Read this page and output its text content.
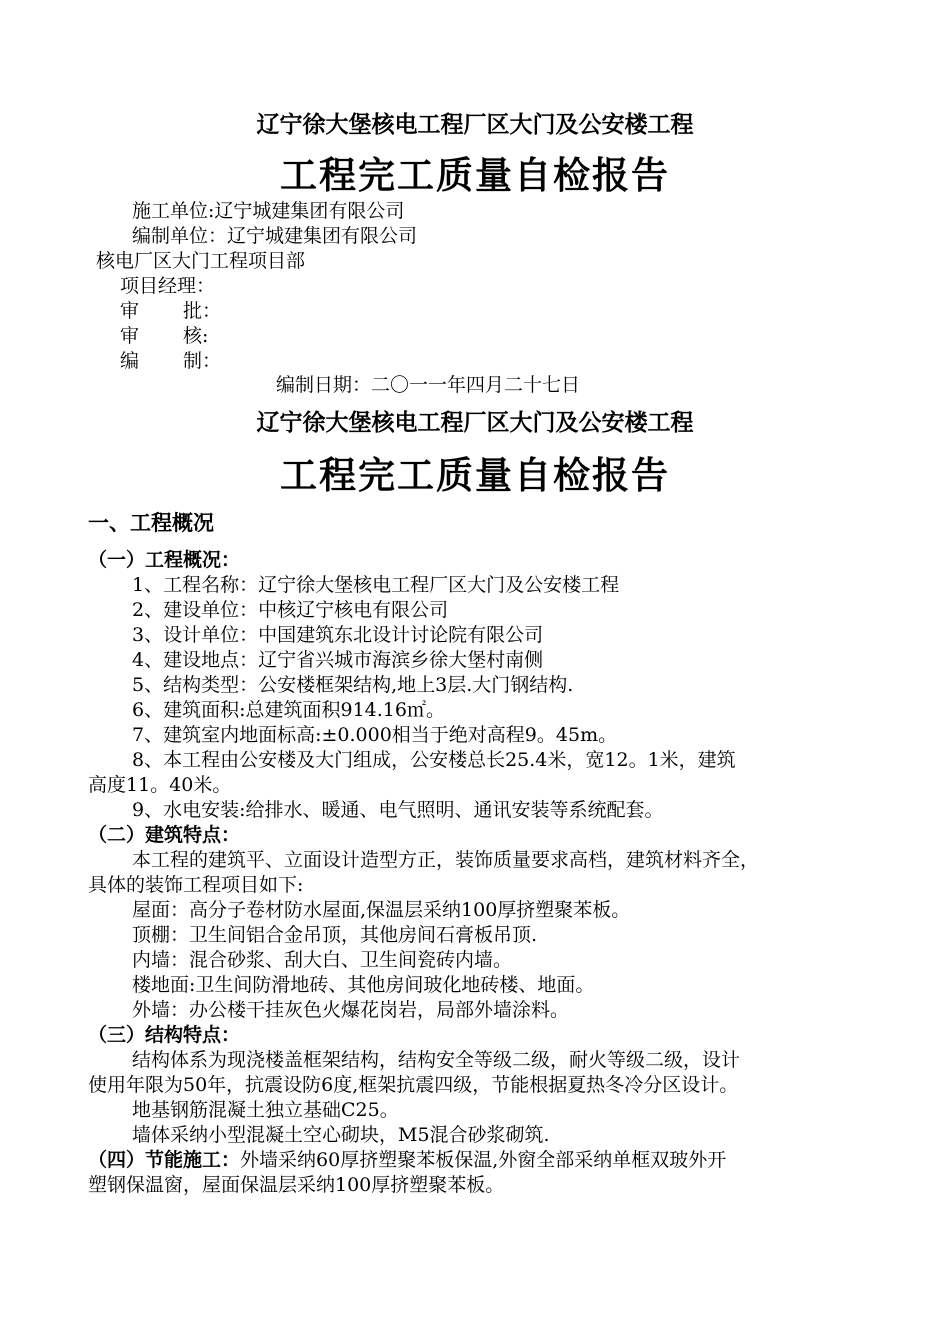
辽宁徐大堡核电工程厂区大门及公安楼工程
工程完工质量自检报告
施工单位:辽宁城建集团有限公司
编制单位：辽宁城建集团有限公司
核电厂区大门工程项目部
项目经理：
审 批：
审 核:
编 制：
编制日期：二〇一一年四月二十七日
辽宁徐大堡核电工程厂区大门及公安楼工程
工程完工质量自检报告
一、工程概况
（一）工程概况：
1、工程名称：辽宁徐大堡核电工程厂区大门及公安楼工程
2、建设单位：中核辽宁核电有限公司
3、设计单位：中国建筑东北设计讨论院有限公司
4、建设地点：辽宁省兴城市海滨乡徐大堡村南侧
5、结构类型：公安楼框架结构,地上3层.大门钢结构.
6、建筑面积:总建筑面积914.16㎡。
7、建筑室内地面标高:±0.000相当于绝对高程9。45m。
8、本工程由公安楼及大门组成，公安楼总长25.4米，宽12。1米，建筑
高度11。40米。
9、水电安装:给排水、暖通、电气照明、通讯安装等系统配套。
（二）建筑特点：
本工程的建筑平、立面设计造型方正，装饰质量要求高档，建筑材料齐全，
具体的装饰工程项目如下:
屋面：高分子卷材防水屋面,保温层采纳100厚挤塑聚苯板。
顶棚：卫生间铝合金吊顶，其他房间石膏板吊顶.
内墙：混合砂浆、刮大白、卫生间瓷砖内墙。
楼地面:卫生间防滑地砖、其他房间玻化地砖楼、地面。
外墙：办公楼干挂灰色火爆花岗岩，局部外墙涂料。
（三）结构特点：
结构体系为现浇楼盖框架结构，结构安全等级二级，耐火等级二级，设计
使用年限为50年，抗震设防6度,框架抗震四级，节能根据夏热冬冷分区设计。
地基钢筋混凝土独立基础C25。
墙体采纳小型混凝土空心砌块，M5混合砂浆砌筑.
（四）节能施工：外墙采纳60厚挤塑聚苯板保温,外窗全部采纳单框双玻外开
塑钢保温窗，屋面保温层采纳100厚挤塑聚苯板。
